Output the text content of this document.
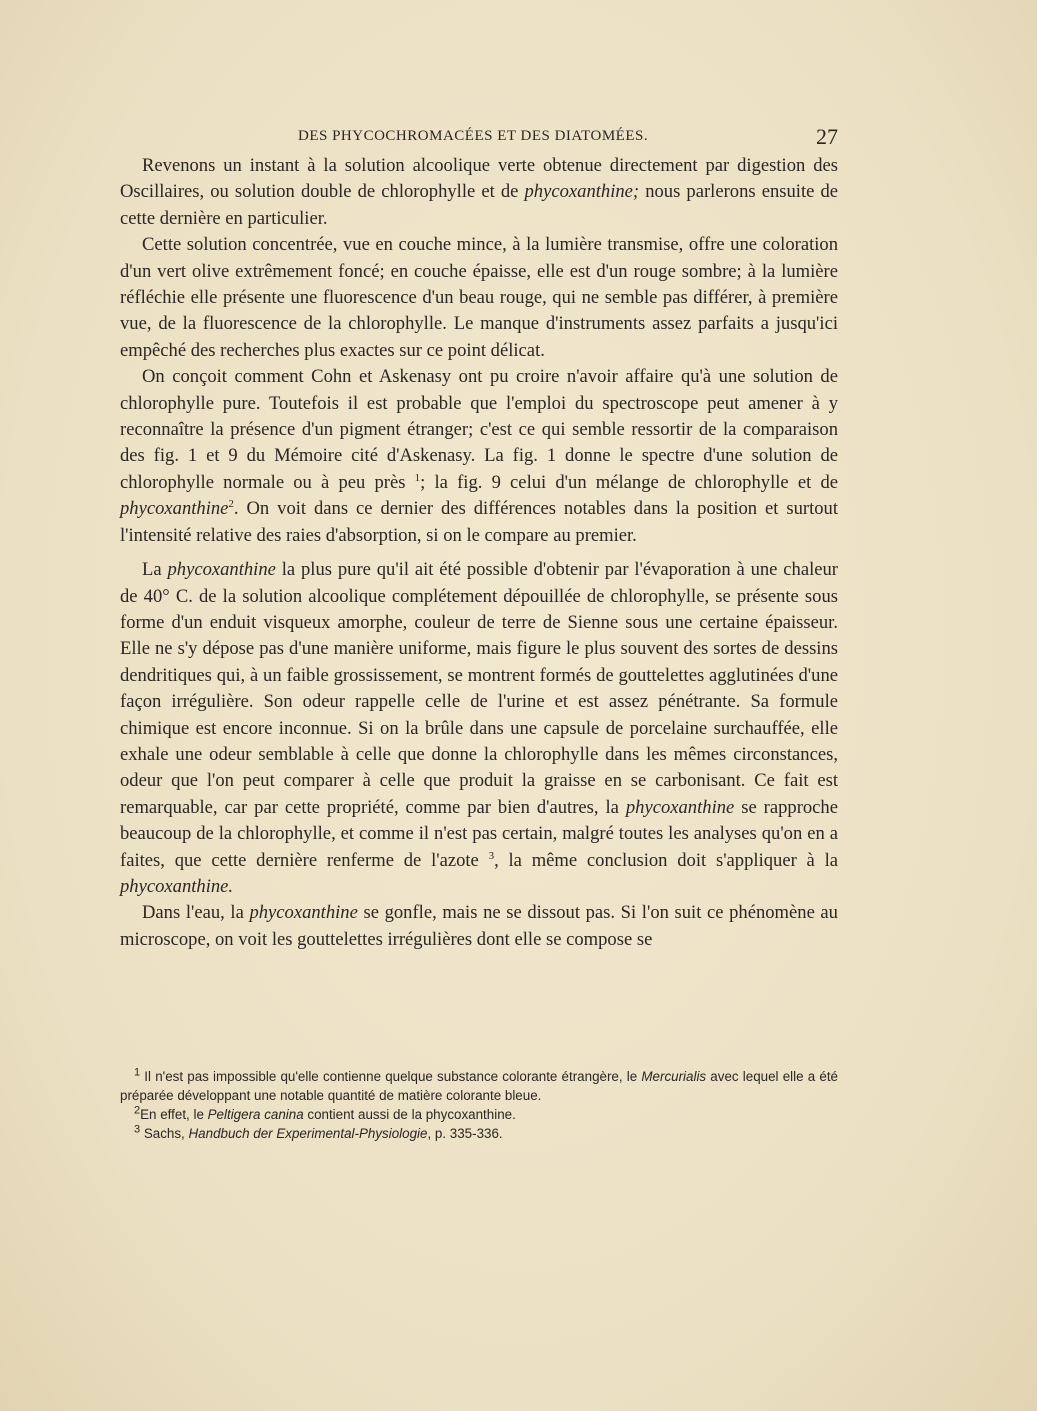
DES PHYCOCHROMACÉES ET DES DIATOMÉES.	27

Revenons un instant à la solution alcoolique verte obtenue directement par digestion des Oscillaires, ou solution double de chlorophylle et de phycoxanthine; nous parlerons ensuite de cette dernière en particulier.

Cette solution concentrée, vue en couche mince, à la lumière transmise, offre une coloration d'un vert olive extrêmement foncé; en couche épaisse, elle est d'un rouge sombre; à la lumière réfléchie elle présente une fluorescence d'un beau rouge, qui ne semble pas différer, à première vue, de la fluorescence de la chlorophylle. Le manque d'instruments assez parfaits a jusqu'ici empêché des recherches plus exactes sur ce point délicat.

On conçoit comment Cohn et Askenasy ont pu croire n'avoir affaire qu'à une solution de chlorophylle pure. Toutefois il est probable que l'emploi du spectroscope peut amener à y reconnaître la présence d'un pigment étranger; c'est ce qui semble ressortir de la comparaison des fig. 1 et 9 du Mémoire cité d'Askenasy. La fig. 1 donne le spectre d'une solution de chlorophylle normale ou à peu près $^1$; la fig. 9 celui d'un mélange de chlorophylle et de phycoxanthine$^2$. On voit dans ce dernier des différences notables dans la position et surtout l'intensité relative des raies d'absorption, si on le compare au premier.

La phycoxanthine la plus pure qu'il ait été possible d'obtenir par l'évaporation à une chaleur de 40° C. de la solution alcoolique complétement dépouillée de chlorophylle, se présente sous forme d'un enduit visqueux amorphe, couleur de terre de Sienne sous une certaine épaisseur. Elle ne s'y dépose pas d'une manière uniforme, mais figure le plus souvent des sortes de dessins dendritiques qui, à un faible grossissement, se montrent formés de gouttelettes agglutinées d'une façon irrégulière. Son odeur rappelle celle de l'urine et est assez pénétrante. Sa formule chimique est encore inconnue. Si on la brûle dans une capsule de porcelaine surchauffée, elle exhale une odeur semblable à celle que donne la chlorophylle dans les mêmes circonstances, odeur que l'on peut comparer à celle que produit la graisse en se carbonisant. Ce fait est remarquable, car par cette propriété, comme par bien d'autres, la phycoxanthine se rapproche beaucoup de la chlorophylle, et comme il n'est pas certain, malgré toutes les analyses qu'on en a faites, que cette dernière renferme de l'azote $^3$, la même conclusion doit s'appliquer à la phycoxanthine.

Dans l'eau, la phycoxanthine se gonfle, mais ne se dissout pas. Si l'on suit ce phénomène au microscope, on voit les gouttelettes irrégulières dont elle se compose se

$^1$ Il n'est pas impossible qu'elle contienne quelque substance colorante étrangère, le Mercurialis avec lequel elle a été préparée développant une notable quantité de matière colorante bleue.

$^2$En effet, le Peltigera canina contient aussi de la phycoxanthine.

$^3$ Sachs, Handbuch der Experimental-Physiologie, p. 335-336.
